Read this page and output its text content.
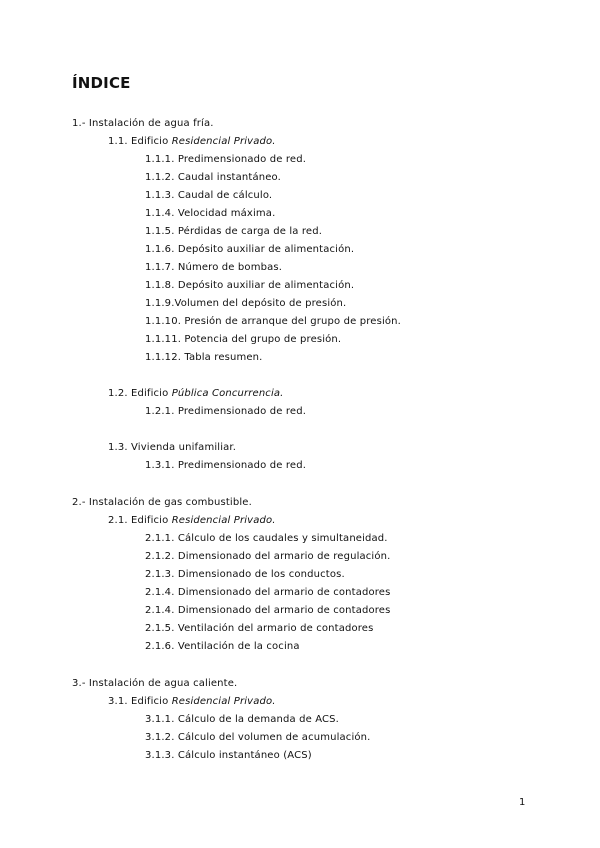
ÍNDICE
1.- Instalación de agua fría.
1.1. Edificio Residencial Privado.
1.1.1. Predimensionado de red.
1.1.2. Caudal instantáneo.
1.1.3. Caudal de cálculo.
1.1.4. Velocidad máxima.
1.1.5. Pérdidas de carga de la red.
1.1.6. Depósito auxiliar de alimentación.
1.1.7. Número de bombas.
1.1.8. Depósito auxiliar de alimentación.
1.1.9.Volumen del depósito de presión.
1.1.10. Presión de arranque del grupo de presión.
1.1.11. Potencia del grupo de presión.
1.1.12. Tabla resumen.
1.2. Edificio Pública Concurrencia.
1.2.1. Predimensionado de red.
1.3. Vivienda unifamiliar.
1.3.1. Predimensionado de red.
2.- Instalación de gas combustible.
2.1. Edificio Residencial Privado.
2.1.1. Cálculo de los caudales y simultaneidad.
2.1.2. Dimensionado del armario de regulación.
2.1.3. Dimensionado de los conductos.
2.1.4. Dimensionado del armario de contadores
2.1.4. Dimensionado del armario de contadores
2.1.5. Ventilación del armario de contadores
2.1.6. Ventilación de la cocina
3.- Instalación de agua caliente.
3.1. Edificio Residencial Privado.
3.1.1. Cálculo de la demanda de ACS.
3.1.2. Cálculo del volumen de acumulación.
3.1.3. Cálculo instantáneo (ACS)
1
